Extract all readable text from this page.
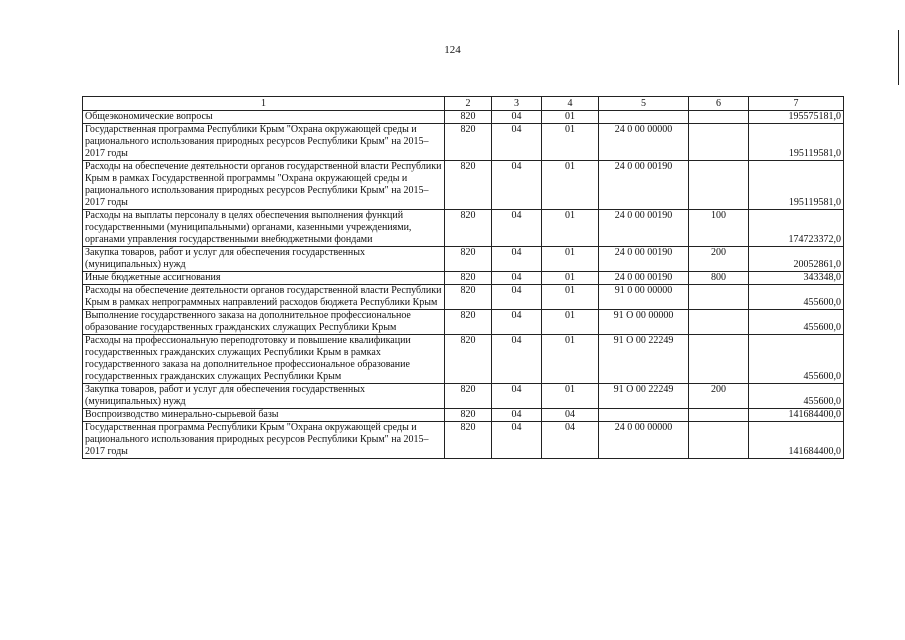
124
1	2	3	4	5	6	7
Общеэкономические вопросы	820	04	01			195575181,0
Государственная программа Республики Крым "Охрана окружающей среды и рационального использования природных ресурсов Республики Крым" на 2015–2017 годы	820	04	01	24 0 00 00000		195119581,0
Расходы на обеспечение деятельности органов государственной власти Республики Крым в рамках Государственной программы "Охрана окружающей среды и рационального использования природных ресурсов Республики Крым" на 2015–2017 годы	820	04	01	24 0 00 00190		195119581,0
Расходы на выплаты персоналу в целях обеспечения выполнения функций государственными (муниципальными) органами, казенными учреждениями, органами управления государственными внебюджетными фондами	820	04	01	24 0 00 00190	100	174723372,0
Закупка товаров, работ и услуг для обеспечения государственных (муниципальных) нужд	820	04	01	24 0 00 00190	200	20052861,0
Иные бюджетные ассигнования	820	04	01	24 0 00 00190	800	343348,0
Расходы на обеспечение деятельности органов государственной власти Республики Крым в рамках непрограммных направлений расходов бюджета Республики Крым	820	04	01	91 0 00 00000		455600,0
Выполнение государственного заказа на дополнительное профессиональное образование государственных гражданских служащих Республики Крым	820	04	01	91 О 00 00000		455600,0
Расходы на профессиональную переподготовку и повышение квалификации государственных гражданских служащих Республики Крым в рамках государственного заказа на дополнительное профессиональное образование государственных гражданских служащих Республики Крым	820	04	01	91 О 00 22249		455600,0
Закупка товаров, работ и услуг для обеспечения государственных (муниципальных) нужд	820	04	01	91 О 00 22249	200	455600,0
Воспроизводство минерально-сырьевой базы	820	04	04			141684400,0
Государственная программа Республики Крым "Охрана окружающей среды и рационального использования природных ресурсов Республики Крым" на 2015–2017 годы	820	04	04	24 0 00 00000		141684400,0
